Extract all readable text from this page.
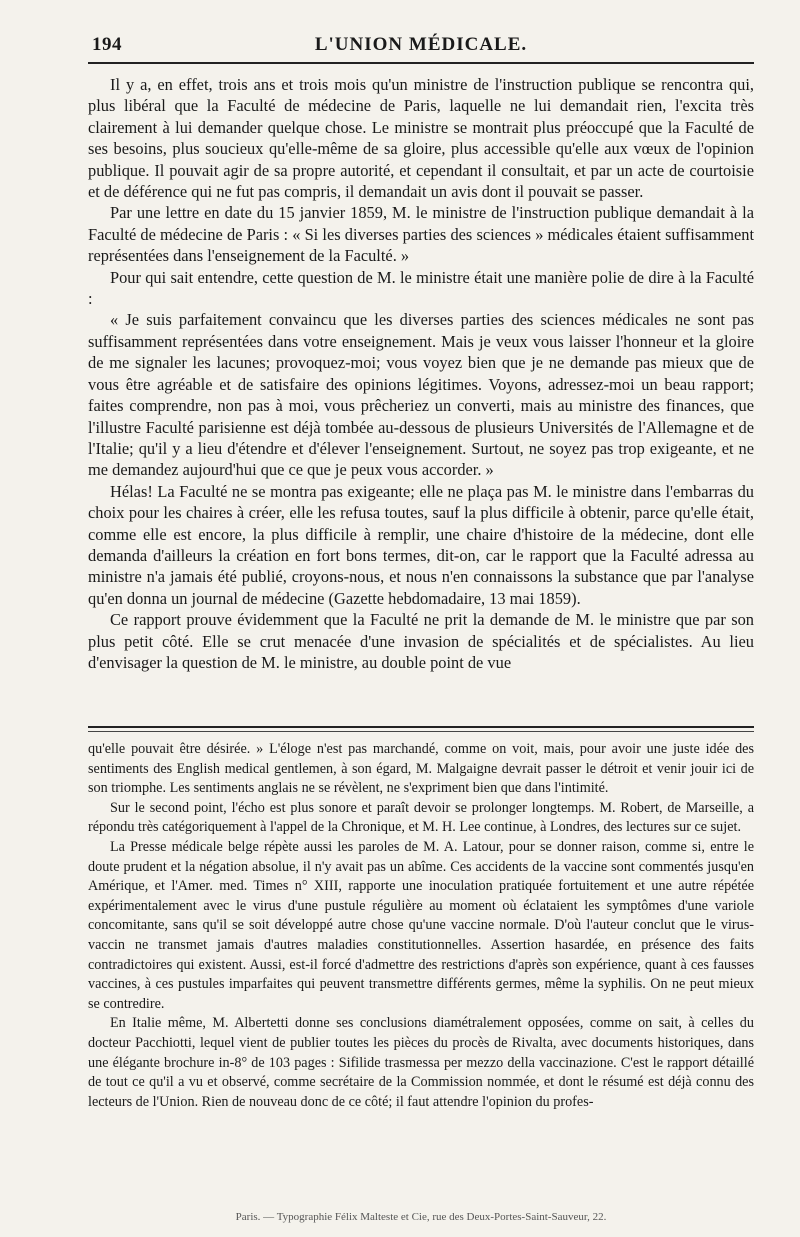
194	L'UNION MÉDICALE.

Il y a, en effet, trois ans et trois mois qu'un ministre de l'instruction publique se rencontra qui, plus libéral que la Faculté de médecine de Paris, laquelle ne lui demandait rien, l'excita très clairement à lui demander quelque chose. Le ministre se montrait plus préoccupé que la Faculté de ses besoins, plus soucieux qu'elle-même de sa gloire, plus accessible qu'elle aux vœux de l'opinion publique. Il pouvait agir de sa propre autorité, et cependant il consultait, et par un acte de courtoisie et de déférence qui ne fut pas compris, il demandait un avis dont il pouvait se passer.

Par une lettre en date du 15 janvier 1859, M. le ministre de l'instruction publique demandait à la Faculté de médecine de Paris : « Si les diverses parties des sciences » médicales étaient suffisamment représentées dans l'enseignement de la Faculté. »

Pour qui sait entendre, cette question de M. le ministre était une manière polie de dire à la Faculté :

« Je suis parfaitement convaincu que les diverses parties des sciences médicales ne sont pas suffisamment représentées dans votre enseignement. Mais je veux vous laisser l'honneur et la gloire de me signaler les lacunes; provoquez-moi; vous voyez bien que je ne demande pas mieux que de vous être agréable et de satisfaire des opinions légitimes. Voyons, adressez-moi un beau rapport; faites comprendre, non pas à moi, vous prêcheriez un converti, mais au ministre des finances, que l'illustre Faculté parisienne est déjà tombée au-dessous de plusieurs Universités de l'Allemagne et de l'Italie; qu'il y a lieu d'étendre et d'élever l'enseignement. Surtout, ne soyez pas trop exigeante, et ne me demandez aujourd'hui que ce que je peux vous accorder. »

Hélas! La Faculté ne se montra pas exigeante; elle ne plaça pas M. le ministre dans l'embarras du choix pour les chaires à créer, elle les refusa toutes, sauf la plus difficile à obtenir, parce qu'elle était, comme elle est encore, la plus difficile à remplir, une chaire d'histoire de la médecine, dont elle demanda d'ailleurs la création en fort bons termes, dit-on, car le rapport que la Faculté adressa au ministre n'a jamais été publié, croyons-nous, et nous n'en connaissons la substance que par l'analyse qu'en donna un journal de médecine (Gazette hebdomadaire, 13 mai 1859).

Ce rapport prouve évidemment que la Faculté ne prit la demande de M. le ministre que par son plus petit côté. Elle se crut menacée d'une invasion de spécialités et de spécialistes. Au lieu d'envisager la question de M. le ministre, au double point de vue

qu'elle pouvait être désirée. » L'éloge n'est pas marchandé, comme on voit, mais, pour avoir une juste idée des sentiments des English medical gentlemen, à son égard, M. Malgaigne devrait passer le détroit et venir jouir ici de son triomphe. Les sentiments anglais ne se révèlent, ne s'expriment bien que dans l'intimité.

Sur le second point, l'écho est plus sonore et paraît devoir se prolonger longtemps. M. Robert, de Marseille, a répondu très catégoriquement à l'appel de la Chronique, et M. H. Lee continue, à Londres, des lectures sur ce sujet.

La Presse médicale belge répète aussi les paroles de M. A. Latour, pour se donner raison, comme si, entre le doute prudent et la négation absolue, il n'y avait pas un abîme. Ces accidents de la vaccine sont commentés jusqu'en Amérique, et l'Amer. med. Times n° XIII, rapporte une inoculation pratiquée fortuitement et une autre répétée expérimentalement avec le virus d'une pustule régulière au moment où éclataient les symptômes d'une variole concomitante, sans qu'il se soit développé autre chose qu'une vaccine normale. D'où l'auteur conclut que le virus-vaccin ne transmet jamais d'autres maladies constitutionnelles. Assertion hasardée, en présence des faits contradictoires qui existent. Aussi, est-il forcé d'admettre des restrictions d'après son expérience, quant à ces fausses vaccines, à ces pustules imparfaites qui peuvent transmettre différents germes, même la syphilis. On ne peut mieux se contredire.

En Italie même, M. Albertetti donne ses conclusions diamétralement opposées, comme on sait, à celles du docteur Pacchiotti, lequel vient de publier toutes les pièces du procès de Rivalta, avec documents historiques, dans une élégante brochure in-8° de 103 pages : Sifilide trasmessa per mezzo della vaccinazione. C'est le rapport détaillé de tout ce qu'il a vu et observé, comme secrétaire de la Commission nommée, et dont le résumé est déjà connu des lecteurs de l'Union. Rien de nouveau donc de ce côté; il faut attendre l'opinion du profes-

Paris. — Typographie Félix Malteste et Cie, rue des Deux-Portes-Saint-Sauveur, 22.
